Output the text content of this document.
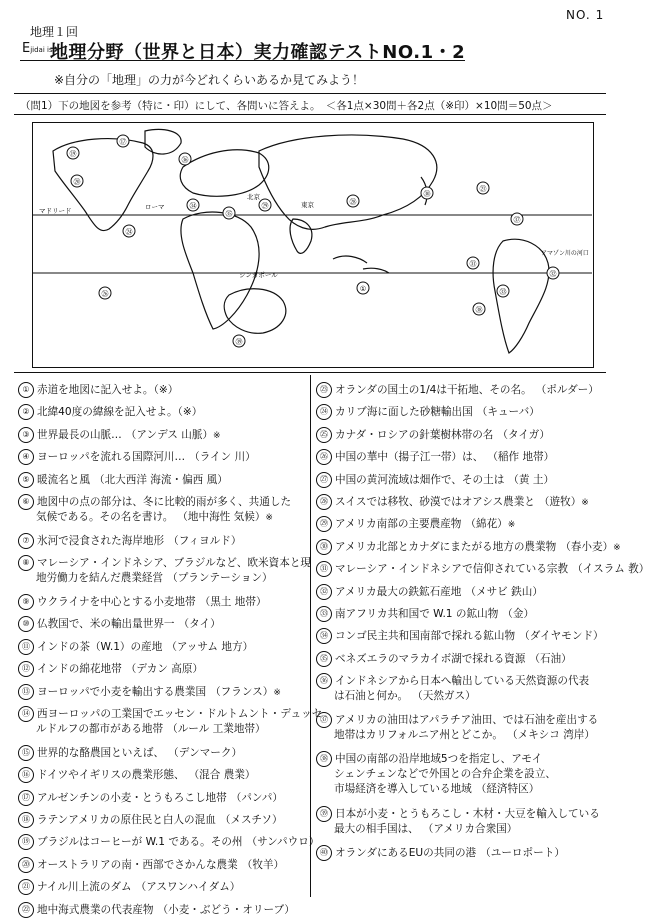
NO. 1
地理１回
Ejidai iso
地理分野（世界と日本）実力確認テストNO.1・2
※自分の「地理」の力が今どれくらいあるか見てみよう！
（問1）下の地図を参考（特に・印）にして、各問いに答えよ。　＜各1点×30問＋各2点（※印）×10問＝50点＞
マドリード	ローマ
北京
東京
シンガポール
アマゾン川の河口
①
⑰
⑲
⑳
㉑
㉔
㉖
㉘
㉙
㉚
㉛
㉜
㉝
㉞
㉟
㊱
㊲
㊳
㊴
① 赤道を地図に記入せよ。（※）
② 北緯40度の緯線を記入せよ。（※）
③ 世界最長の山脈… （ アンデス 山脈 ） ※
④ ヨーロッパを流れる国際河川… （ ライン 川 ）
⑤ 暖流名と風 （ 北大西洋 海流・偏西 風 ）
⑥ 地図中の点の部分は、冬に比較的雨が多く、共通した
気候である。その名を書け。 （ 地中海性 気候 ） ※
⑦ 氷河で浸食された海岸地形 （ フィヨルド ）
⑧ マレーシア・インドネシア、ブラジルなど、欧米資本と現
地労働力を結んだ農業経営 （ プランテーション ）
⑨ ウクライナを中心とする小麦地帯 （ 黒土 地帯 ）
⑩ 仏教国で、米の輸出量世界一 （ タイ ）
⑪ インドの茶（W.1）の産地 （ アッサム 地方 ）
⑫ インドの綿花地帯 （ デカン 高原 ）
⑬ ヨーロッパで小麦を輸出する農業国 （ フランス ） ※
⑭ 西ヨーロッパの工業国でエッセン・ドルトムント・デュッセ
ルドルフの都市がある地帯 （ ルール 工業地帯 ）
⑮ 世界的な酪農国といえば、 （ デンマーク ）
⑯ ドイツやイギリスの農業形態、 （ 混合 農業 ）
⑰ アルゼンチンの小麦・とうもろこし地帯 （ パンパ ）
⑱ ラテンアメリカの原住民と白人の混血 （ メスチソ ）
⑲ ブラジルはコーヒーが W.1 である。その州 （ サンパウロ ）
⑳ オーストラリアの南・西部でさかんな農業 （ 牧羊 ）
㉑ ナイル川上流のダム （ アスワンハイダム ）
㉒ 地中海式農業の代表産物 （ 小麦・ぶどう・オリーブ ）
㉓ オランダの国土の1/4は干拓地、その名。 （ ポルダー ）
㉔ カリブ海に面した砂糖輸出国 （ キューバ ）
㉕ カナダ・ロシアの針葉樹林帯の名 （ タイガ ）
㉖ 中国の華中（揚子江一帯）は、 （ 稲作 地帯 ）
㉗ 中国の黄河流域は畑作で、その土は （ 黄 土 ）
㉘ スイスでは移牧、砂漠ではオアシス農業と （ 遊牧 ） ※
㉙ アメリカ南部の主要農産物 （ 綿花 ） ※
㉚ アメリカ北部とカナダにまたがる地方の農業物 （ 春小麦 ） ※
㉛ マレーシア・インドネシアで信仰されている宗教 （ イスラム 教 ）
㉜ アメリカ最大の鉄鉱石産地 （ メサビ 鉄山 ）
㉝ 南アフリカ共和国で W.1 の鉱山物 （ 金 ）
㉞ コンゴ民主共和国南部で採れる鉱山物 （ ダイヤモンド ）
㉟ ベネズエラのマラカイボ湖で採れる資源 （ 石油 ）
㊱ インドネシアから日本へ輸出している天然資源の代表
は石油と何か。 （ 天然ガス ）
㊲ アメリカの油田はアパラチア油田、では石油を産出する
地帯はカリフォルニア州とどこか。 （ メキシコ 湾岸 ）
㊳ 中国の南部の沿岸地域5つを指定し、アモイ
シェンチェンなどで外国との合弁企業を設立、
市場経済を導入している地域 （ 経済特区 ）
㊴ 日本が小麦・とうもろこし・木材・大豆を輸入している
最大の相手国は、 （ アメリカ合衆国 ）
㊵ オランダにあるEUの共同の港 （ ユーロポート ）
